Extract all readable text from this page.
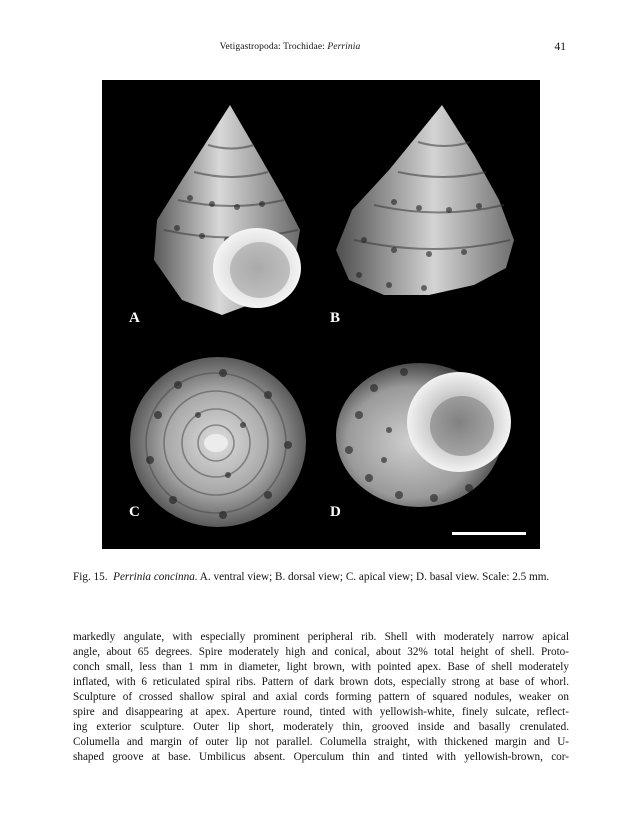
Vetigastropoda: Trochidae: Perrinia	41
A	B
C	D
Fig. 15. Perrinia concinna. A. ventral view; B. dorsal view; C. apical view; D. basal view. Scale: 2.5 mm.
markedly angulate, with especially prominent peripheral rib. Shell with moderately narrow apical
angle, about 65 degrees. Spire moderately high and conical, about 32% total height of shell. Proto-
conch small, less than 1 mm in diameter, light brown, with pointed apex. Base of shell moderately
inflated, with 6 reticulated spiral ribs. Pattern of dark brown dots, especially strong at base of whorl.
Sculpture of crossed shallow spiral and axial cords forming pattern of squared nodules, weaker on
spire and disappearing at apex. Aperture round, tinted with yellowish-white, finely sulcate, reflect-
ing exterior sculpture. Outer lip short, moderately thin, grooved inside and basally crenulated.
Columella and margin of outer lip not parallel. Columella straight, with thickened margin and U-
shaped groove at base. Umbilicus absent. Operculum thin and tinted with yellowish-brown, cor-
